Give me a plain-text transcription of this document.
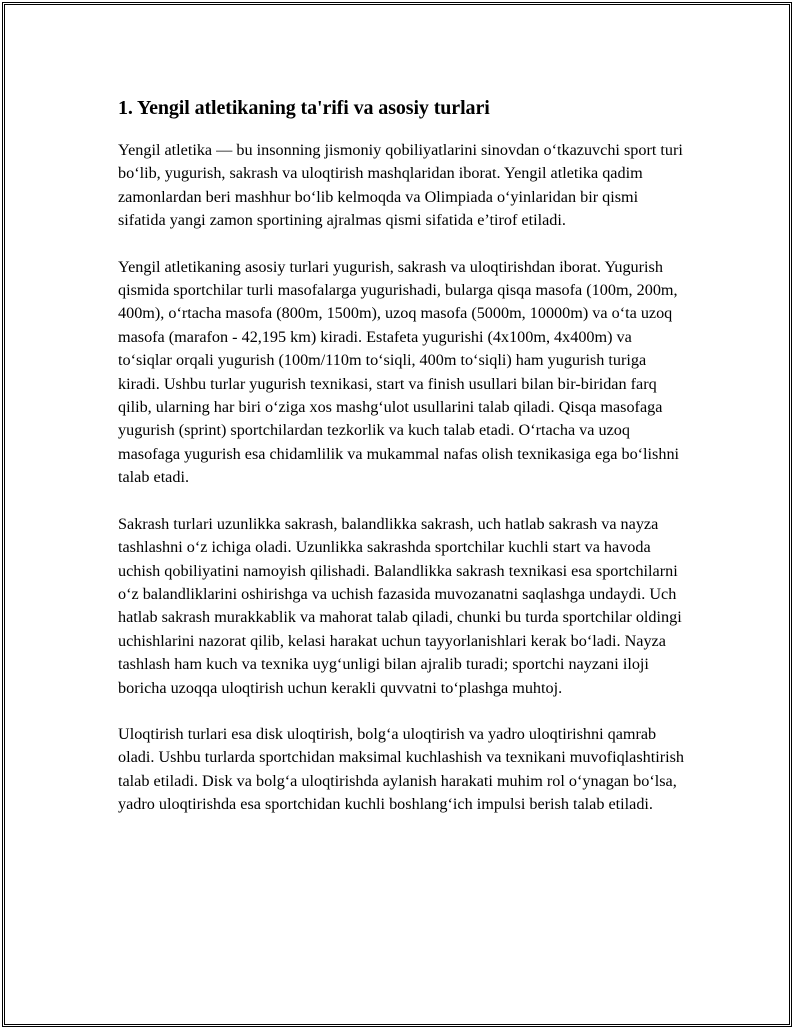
1. Yengil atletikaning ta'rifi va asosiy turlari

Yengil atletika — bu insonning jismoniy qobiliyatlarini sinovdan o‘tkazuvchi sport turi bo‘lib, yugurish, sakrash va uloqtirish mashqlaridan iborat. Yengil atletika qadim zamonlardan beri mashhur bo‘lib kelmoqda va Olimpiada o‘yinlaridan bir qismi sifatida yangi zamon sportining ajralmas qismi sifatida e’tirof etiladi.

Yengil atletikaning asosiy turlari yugurish, sakrash va uloqtirishdan iborat. Yugurish qismida sportchilar turli masofalarga yugurishadi, bularga qisqa masofa (100m, 200m, 400m), o‘rtacha masofa (800m, 1500m), uzoq masofa (5000m, 10000m) va o‘ta uzoq masofa (marafon - 42,195 km) kiradi. Estafeta yugurishi (4x100m, 4x400m) va to‘siqlar orqali yugurish (100m/110m to‘siqli, 400m to‘siqli) ham yugurish turiga kiradi. Ushbu turlar yugurish texnikasi, start va finish usullari bilan bir-biridan farq qilib, ularning har biri o‘ziga xos mashg‘ulot usullarini talab qiladi. Qisqa masofaga yugurish (sprint) sportchilardan tezkorlik va kuch talab etadi. O‘rtacha va uzoq masofaga yugurish esa chidamlilik va mukammal nafas olish texnikasiga ega bo‘lishni talab etadi.

Sakrash turlari uzunlikka sakrash, balandlikka sakrash, uch hatlab sakrash va nayza tashlashni o‘z ichiga oladi. Uzunlikka sakrashda sportchilar kuchli start va havoda uchish qobiliyatini namoyish qilishadi. Balandlikka sakrash texnikasi esa sportchilarni o‘z balandliklarini oshirishga va uchish fazasida muvozanatni saqlashga undaydi. Uch hatlab sakrash murakkablik va mahorat talab qiladi, chunki bu turda sportchilar oldingi uchishlarini nazorat qilib, kelasi harakat uchun tayyorlanishlari kerak bo‘ladi. Nayza tashlash ham kuch va texnika uyg‘unligi bilan ajralib turadi; sportchi nayzani iloji boricha uzoqqa uloqtirish uchun kerakli quvvatni to‘plashga muhtoj.

Uloqtirish turlari esa disk uloqtirish, bolg‘a uloqtirish va yadro uloqtirishni qamrab oladi. Ushbu turlarda sportchidan maksimal kuchlashish va texnikani muvofiqlashtirish talab etiladi. Disk va bolg‘a uloqtirishda aylanish harakati muhim rol o‘ynagan bo‘lsa, yadro uloqtirishda esa sportchidan kuchli boshlang‘ich impulsi berish talab etiladi.
